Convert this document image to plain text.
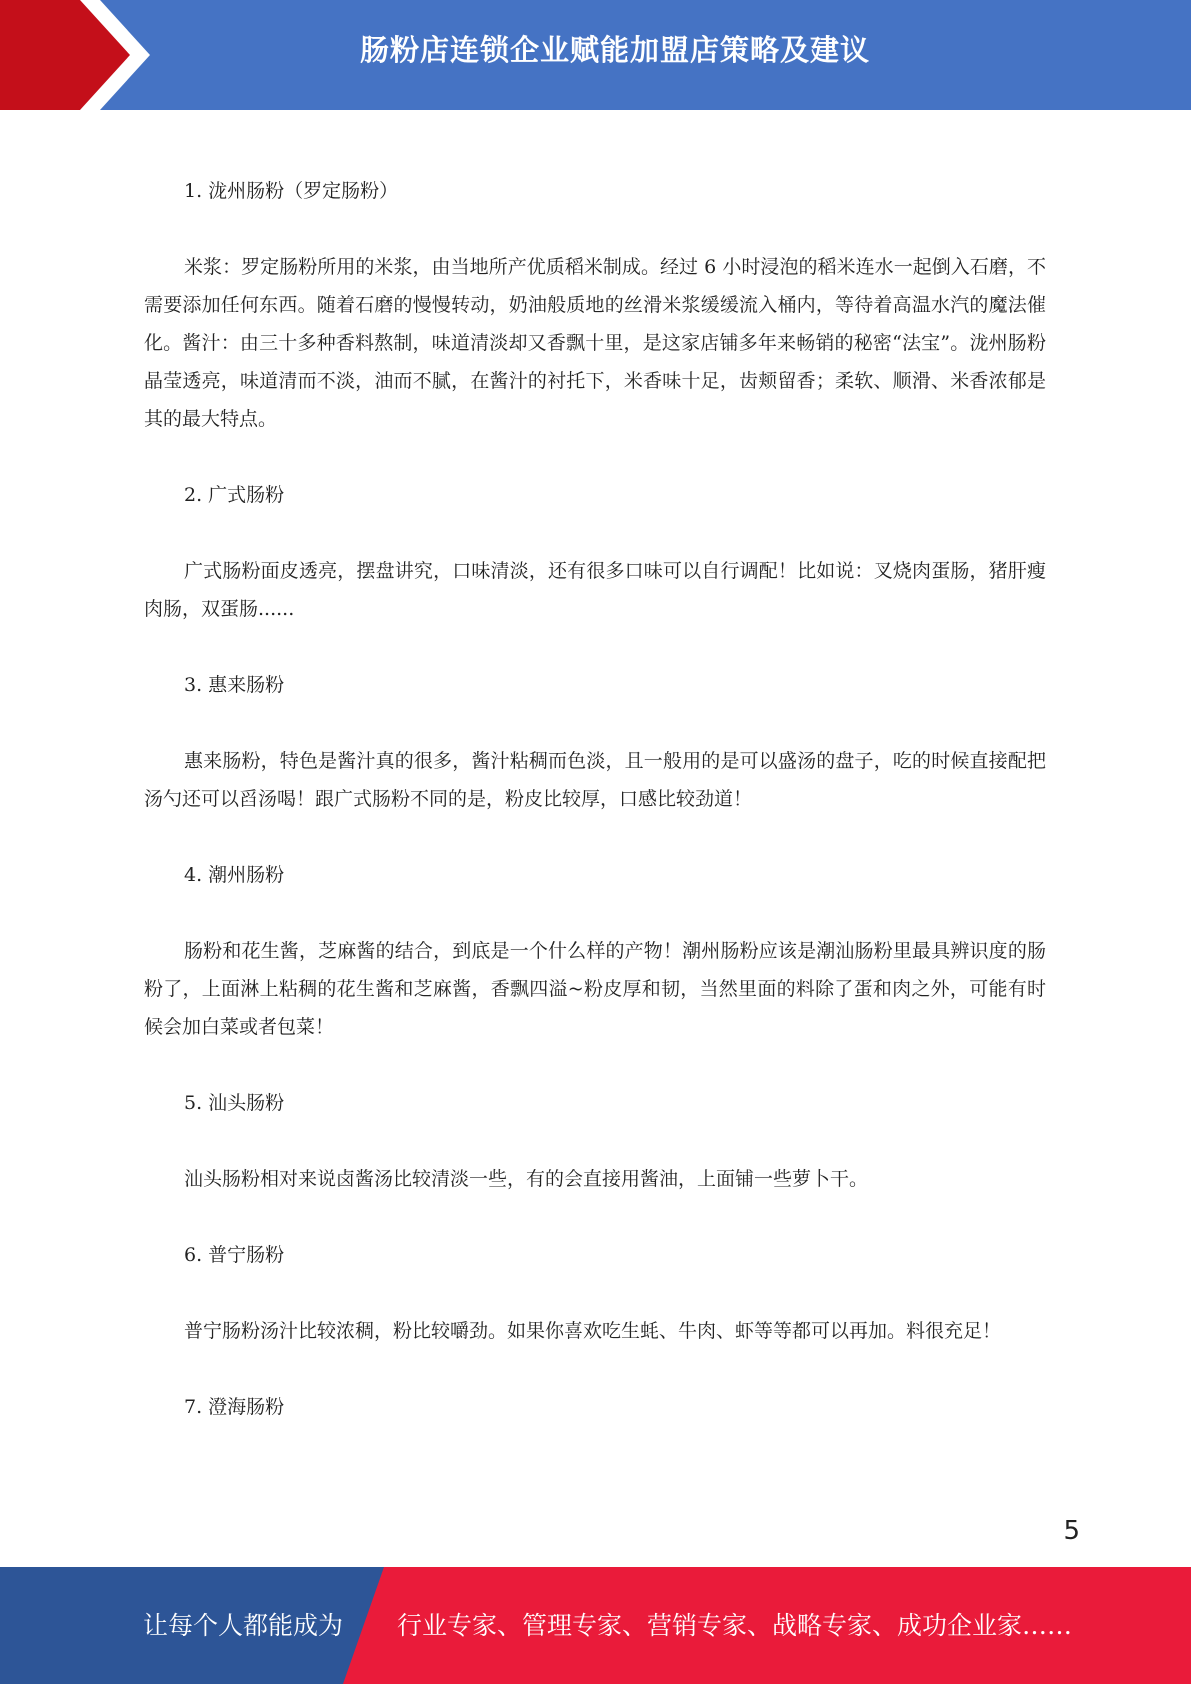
肠粉店连锁企业赋能加盟店策略及建议
1. 泷州肠粉（罗定肠粉）

米浆：罗定肠粉所用的米浆，由当地所产优质稻米制成。经过 6 小时浸泡的稻米连水一起倒入石磨，不需要添加任何东西。随着石磨的慢慢转动，奶油般质地的丝滑米浆缓缓流入桶内，等待着高温水汽的魔法催化。酱汁：由三十多种香料熬制，味道清淡却又香飘十里，是这家店铺多年来畅销的秘密“法宝”。泷州肠粉晶莹透亮，味道清而不淡，油而不腻，在酱汁的衬托下，米香味十足，齿颊留香；柔软、顺滑、米香浓郁是其的最大特点。

2. 广式肠粉

广式肠粉面皮透亮，摆盘讲究，口味清淡，还有很多口味可以自行调配！比如说：叉烧肉蛋肠，猪肝瘦肉肠，双蛋肠......

3. 惠来肠粉

惠来肠粉，特色是酱汁真的很多，酱汁粘稠而色淡，且一般用的是可以盛汤的盘子，吃的时候直接配把汤勺还可以舀汤喝！跟广式肠粉不同的是，粉皮比较厚，口感比较劲道！

4. 潮州肠粉

肠粉和花生酱，芝麻酱的结合，到底是一个什么样的产物！潮州肠粉应该是潮汕肠粉里最具辨识度的肠粉了，上面淋上粘稠的花生酱和芝麻酱，香飘四溢~粉皮厚和韧，当然里面的料除了蛋和肉之外，可能有时候会加白菜或者包菜！

5. 汕头肠粉

汕头肠粉相对来说卤酱汤比较清淡一些，有的会直接用酱油，上面铺一些萝卜干。

6. 普宁肠粉

普宁肠粉汤汁比较浓稠，粉比较嚼劲。如果你喜欢吃生蚝、牛肉、虾等等都可以再加。料很充足！

7. 澄海肠粉
5
让每个人都能成为 行业专家、管理专家、营销专家、战略专家、成功企业家……
